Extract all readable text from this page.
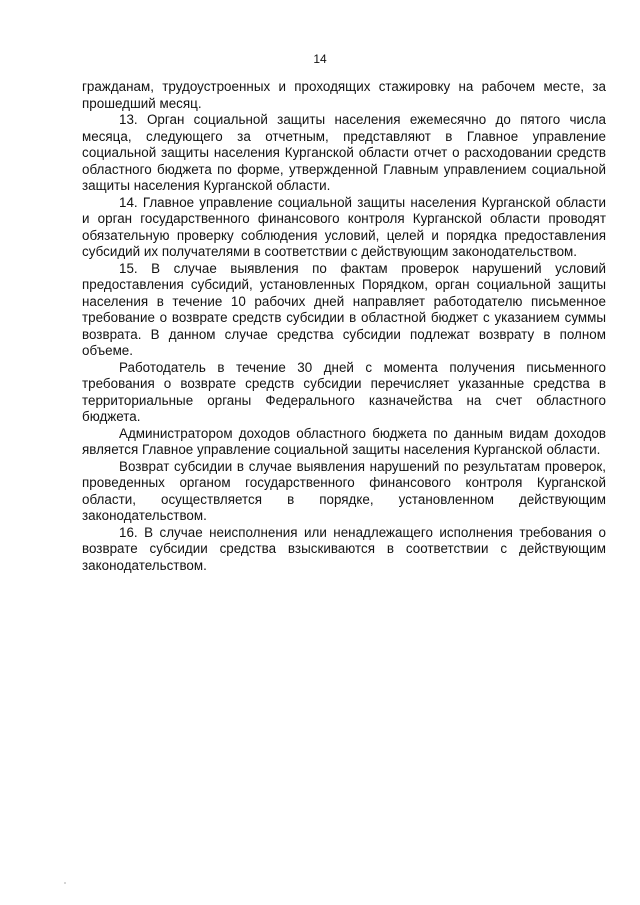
14

гражданам, трудоустроенных и проходящих стажировку на рабочем месте, за прошедший месяц.

13. Орган социальной защиты населения ежемесячно до пятого числа месяца, следующего за отчетным, представляют в Главное управление социальной защиты населения Курганской области отчет о расходовании средств областного бюджета по форме, утвержденной Главным управлением социальной защиты населения Курганской области.

14. Главное управление социальной защиты населения Курганской области и орган государственного финансового контроля Курганской области проводят обязательную проверку соблюдения условий, целей и порядка предоставления субсидий их получателями в соответствии с действующим законодательством.

15. В случае выявления по фактам проверок нарушений условий предоставления субсидий, установленных Порядком, орган социальной защиты населения в течение 10 рабочих дней направляет работодателю письменное требование о возврате средств субсидии в областной бюджет с указанием суммы возврата. В данном случае средства субсидии подлежат возврату в полном объеме.

Работодатель в течение 30 дней с момента получения письменного требования о возврате средств субсидии перечисляет указанные средства в территориальные органы Федерального казначейства на счет областного бюджета.

Администратором доходов областного бюджета по данным видам доходов является Главное управление социальной защиты населения Курганской области.

Возврат субсидии в случае выявления нарушений по результатам проверок, проведенных органом государственного финансового контроля Курганской области, осуществляется в порядке, установленном действующим законодательством.

16. В случае неисполнения или ненадлежащего исполнения требования о возврате субсидии средства взыскиваются в соответствии с действующим законодательством.
